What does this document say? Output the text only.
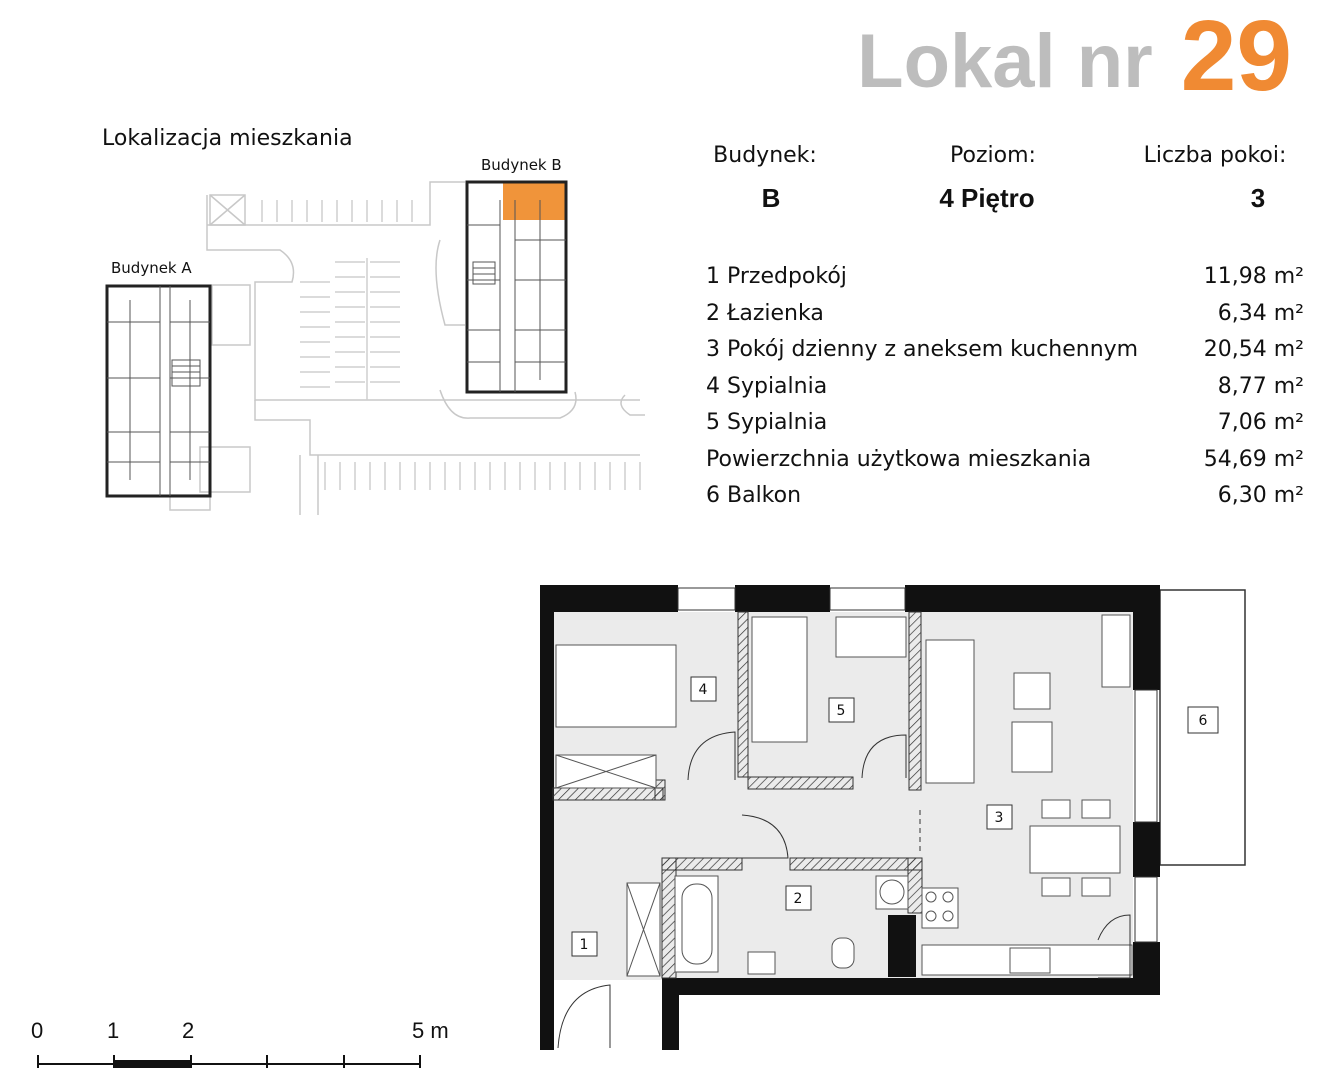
Lokal nr 29
Lokalizacja mieszkania
Budynek A
Budynek B	Budynek:	Poziom:	Liczba pokoi:
B	4 Piętro	3
1 Przedpokój	11,98 m²
2 Łazienka	6,34 m²
3 Pokój dzienny z aneksem kuchennym	20,54 m²
4 Sypialnia	8,77 m²
5 Sypialnia	7,06 m²
Powierzchnia użytkowa mieszkania	54,69 m²
6 Balkon	6,30 m²
4
5
3
2
1
6
0	1	2	5 m
